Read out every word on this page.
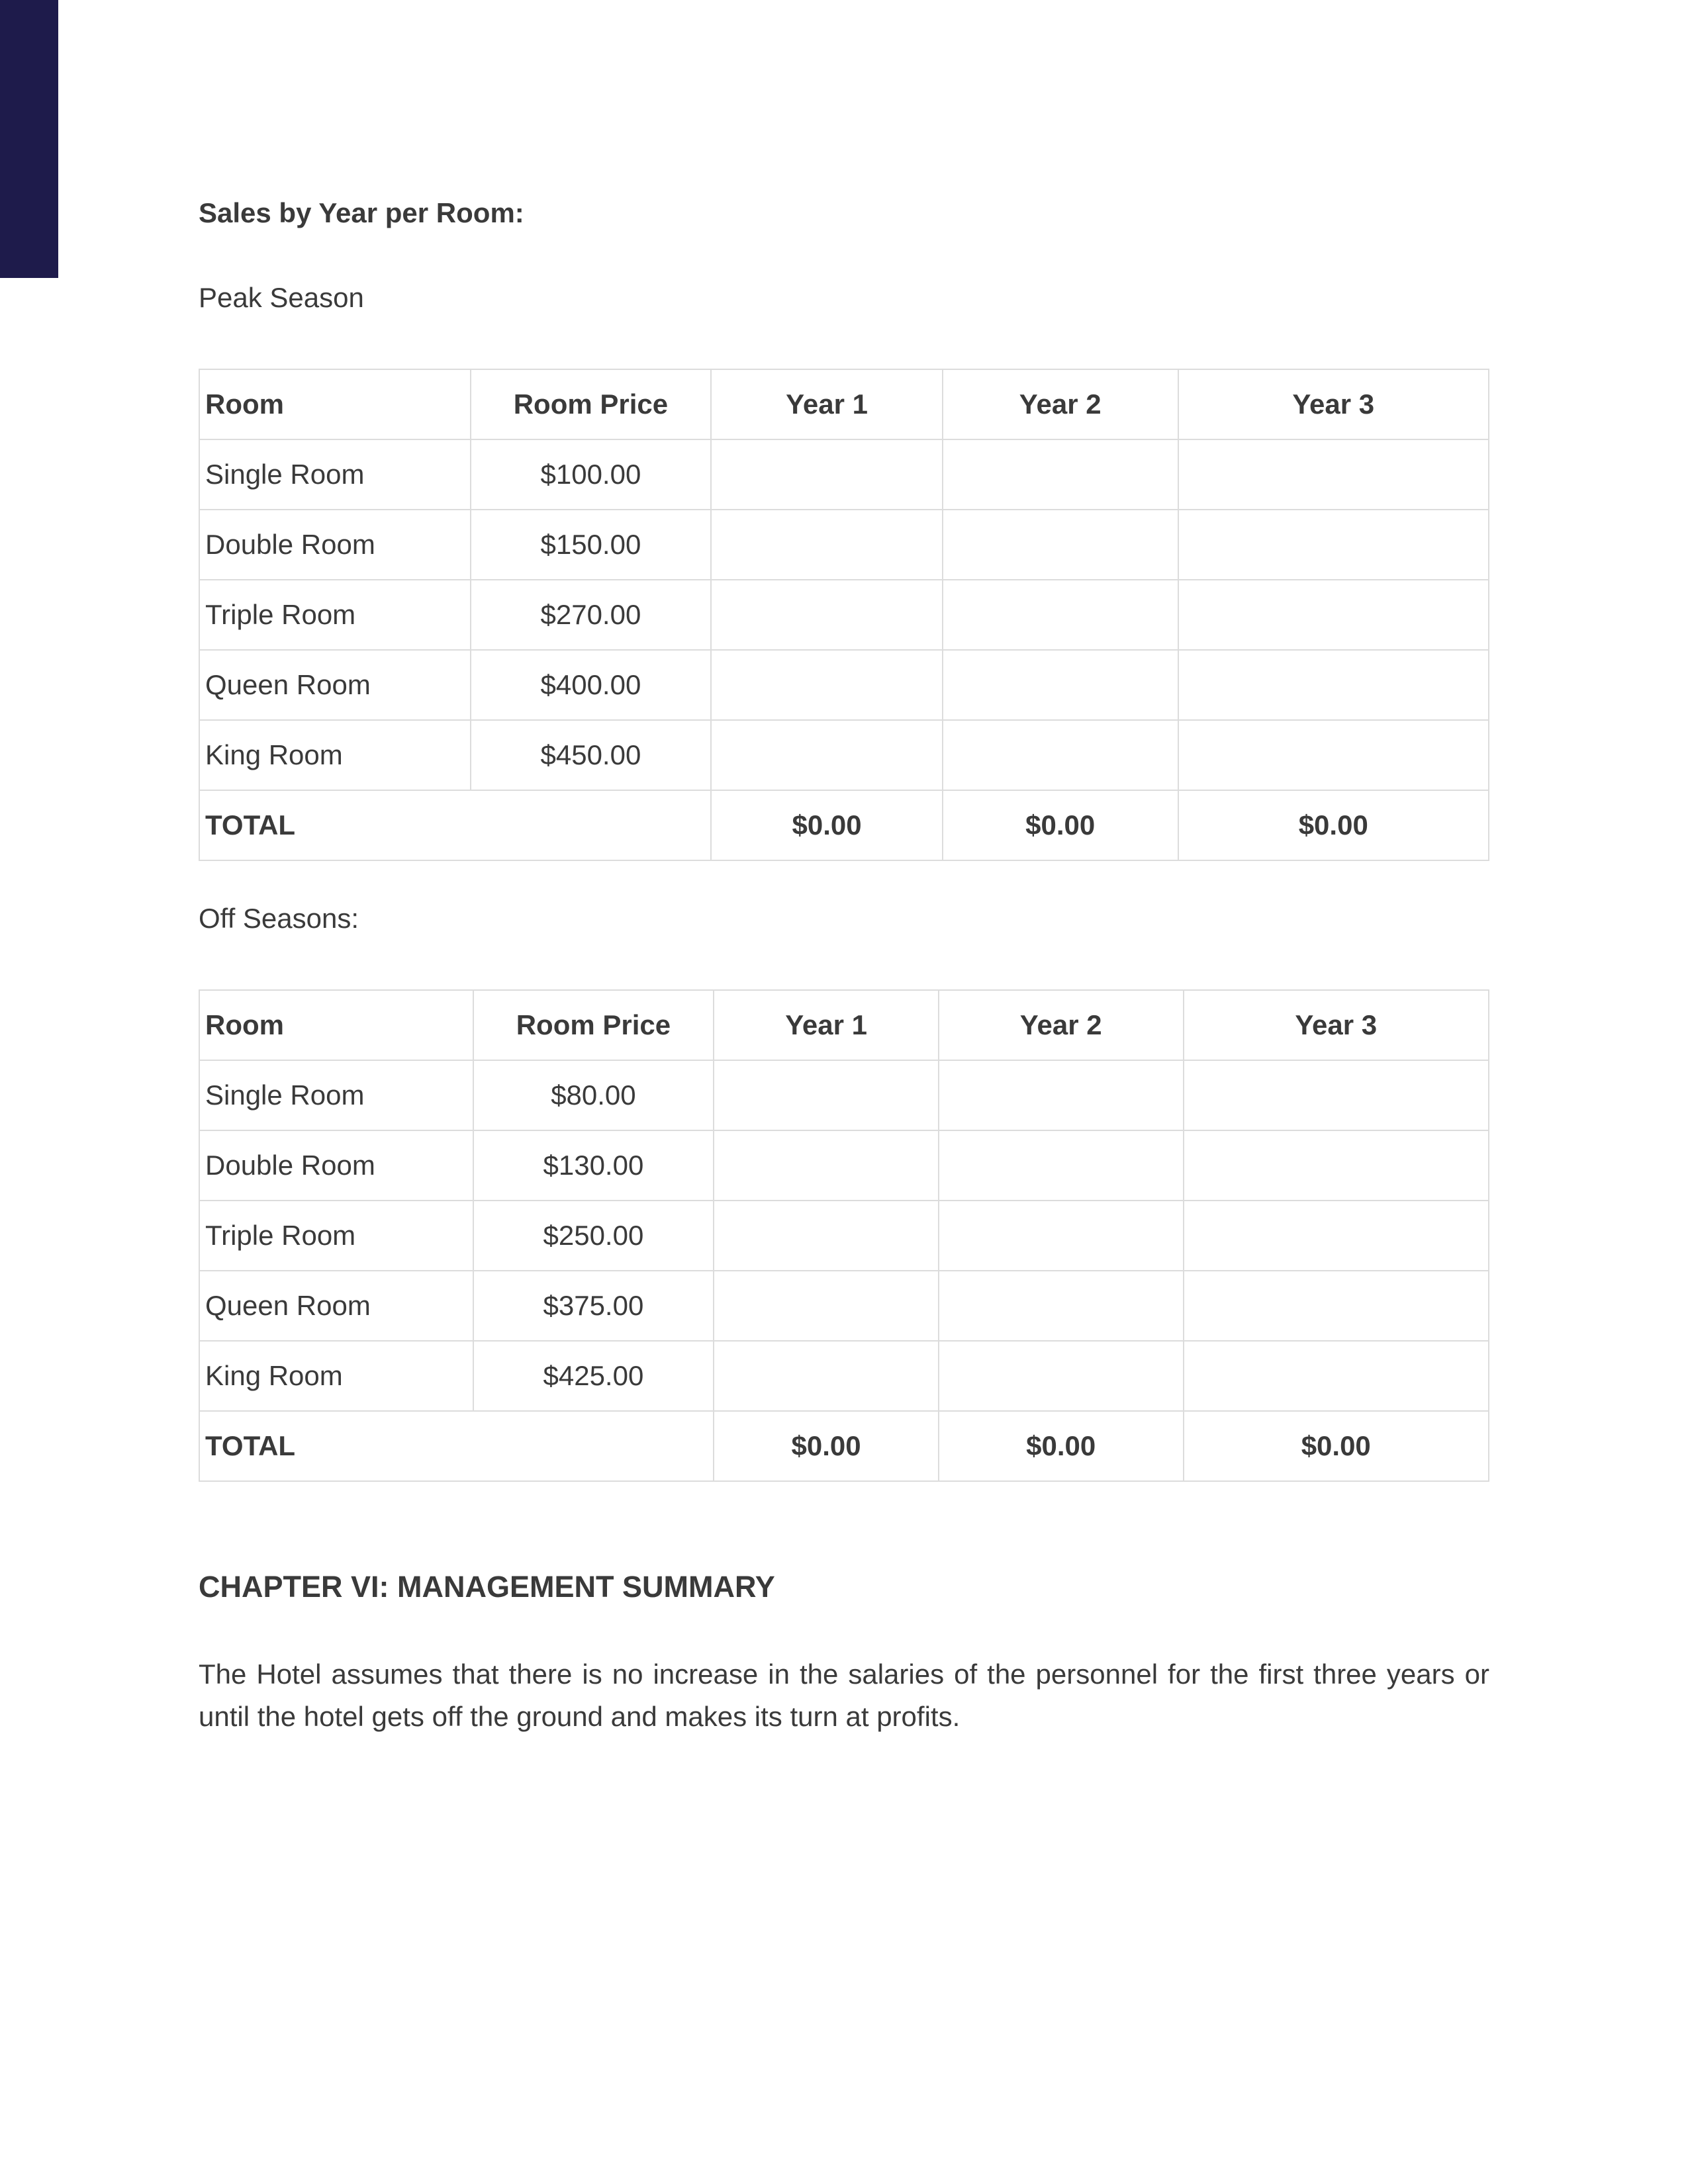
Sales by Year per Room:
Peak Season
Room	Room Price	Year 1	Year 2	Year 3
Single Room	$100.00			
Double Room	$150.00			
Triple Room	$270.00			
Queen Room	$400.00			
King Room	$450.00			
TOTAL		$0.00	$0.00	$0.00
Off Seasons:
Room	Room Price	Year 1	Year 2	Year 3
Single Room	$80.00			
Double Room	$130.00			
Triple Room	$250.00			
Queen Room	$375.00			
King Room	$425.00			
TOTAL		$0.00	$0.00	$0.00
CHAPTER VI: MANAGEMENT SUMMARY

The Hotel assumes that there is no increase in the salaries of the personnel for the first three years or until the hotel gets off the ground and makes its turn at profits.
